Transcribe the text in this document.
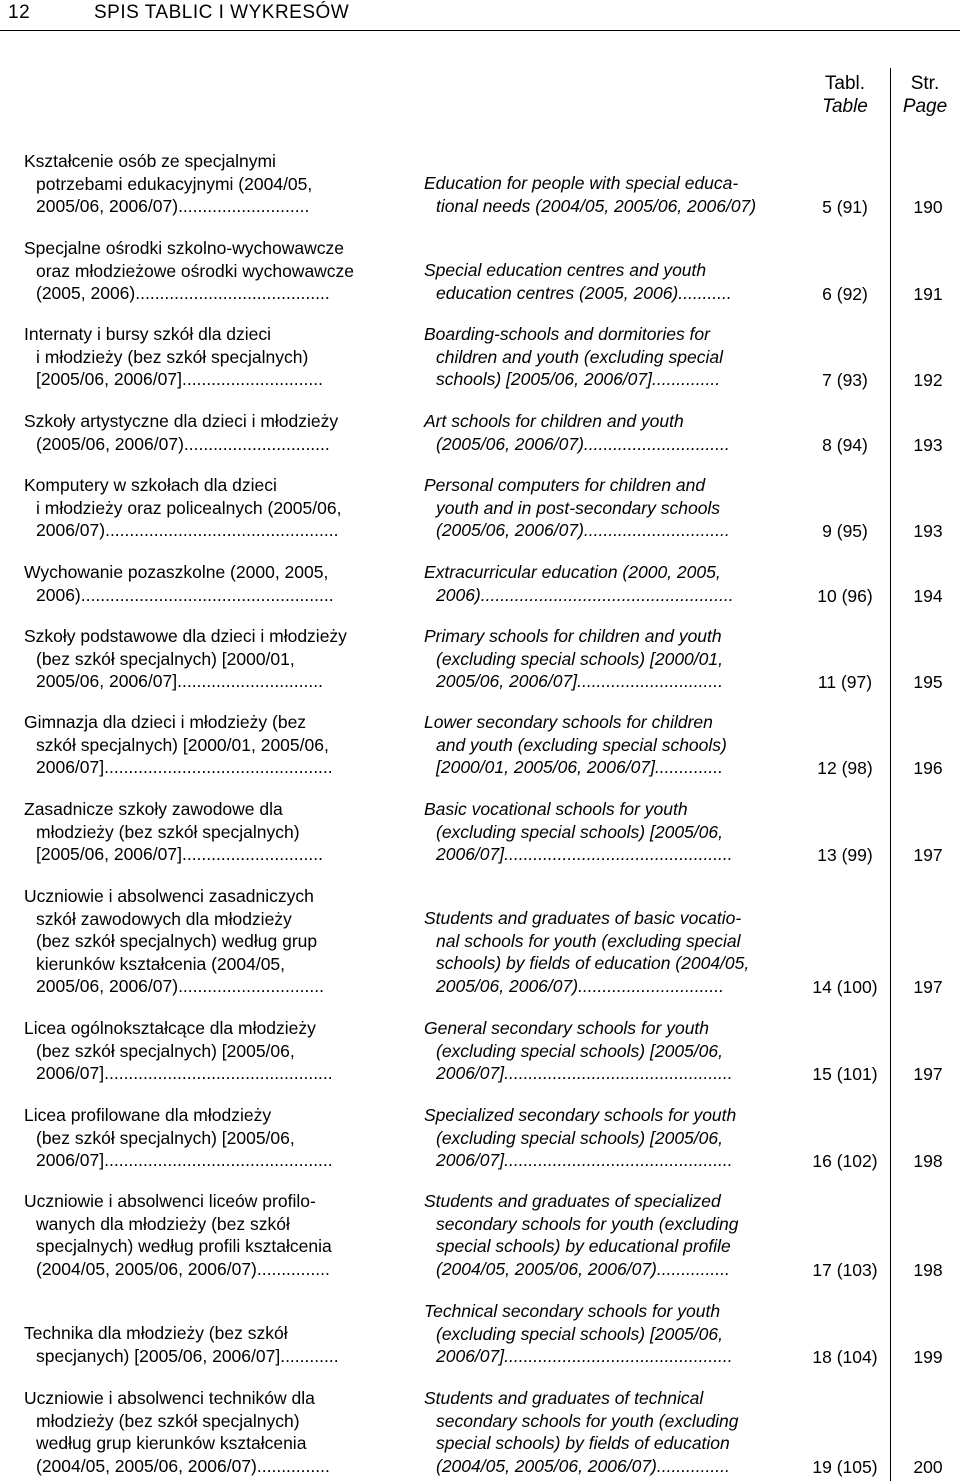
12	SPIS TABLIC I WYKRESÓW
Tabl.
Table
Str.
Page
Kształcenie osób ze specjalnymi
potrzebami edukacyjnymi (2004/05,
2005/06, 2006/07)...........................
Education for people with special educa-
tional needs (2004/05, 2005/06, 2006/07)	5 (91)	190
Specjalne ośrodki szkolno-wychowawcze
oraz młodzieżowe ośrodki wychowawcze
(2005, 2006)........................................
Special education centres and youth
education centres (2005, 2006)...........	6 (92)	191
Internaty i bursy szkół dla dzieci
i młodzieży (bez szkół specjalnych)
[2005/06, 2006/07].............................
Boarding-schools and dormitories for
children and youth (excluding special
schools) [2005/06, 2006/07]..............	7 (93)	192
Szkoły artystyczne dla dzieci i młodzieży
(2005/06, 2006/07)..............................
Art schools for children and youth
(2005/06, 2006/07)..............................	8 (94)	193
Komputery w szkołach dla dzieci
i młodzieży oraz policealnych (2005/06,
2006/07)................................................
Personal computers for children and
youth and in post-secondary schools
(2005/06, 2006/07)..............................	9 (95)	193
Wychowanie pozaszkolne (2000, 2005,
2006)....................................................
Extracurricular education (2000, 2005,
2006)....................................................	10 (96)	194
Szkoły podstawowe dla dzieci i młodzieży
(bez szkół specjalnych) [2000/01,
2005/06, 2006/07]..............................
Primary schools for children and youth
(excluding special schools) [2000/01,
2005/06, 2006/07]..............................	11 (97)	195
Gimnazja dla dzieci i młodzieży (bez
szkół specjalnych) [2000/01, 2005/06,
2006/07]...............................................
Lower secondary schools for children
and youth (excluding special schools)
[2000/01, 2005/06, 2006/07]..............	12 (98)	196
Zasadnicze szkoły zawodowe dla
młodzieży (bez szkół specjalnych)
[2005/06, 2006/07].............................
Basic vocational schools for youth
(excluding special schools) [2005/06,
2006/07]...............................................	13 (99)	197
Uczniowie i absolwenci zasadniczych
szkół zawodowych dla młodzieży
(bez szkół specjalnych) według grup
kierunków kształcenia (2004/05,
2005/06, 2006/07)..............................
Students and graduates of basic vocatio-
nal schools for youth (excluding special
schools) by fields of education (2004/05,
2005/06, 2006/07)..............................	14 (100)	197
Licea ogólnokształcące dla młodzieży
(bez szkół specjalnych) [2005/06,
2006/07]...............................................
General secondary schools for youth
(excluding special schools) [2005/06,
2006/07]...............................................	15 (101)	197
Licea profilowane dla młodzieży
(bez szkół specjalnych) [2005/06,
2006/07]...............................................
Specialized secondary schools for youth
(excluding special schools) [2005/06,
2006/07]...............................................	16 (102)	198
Uczniowie i absolwenci liceów profilo-
wanych dla młodzieży (bez szkół
specjalnych) według profili kształcenia
(2004/05, 2005/06, 2006/07)...............
Students and graduates of specialized
secondary schools for youth (excluding
special schools) by educational profile
(2004/05, 2005/06, 2006/07)...............	17 (103)	198
Technika dla młodzieży (bez szkół
specjanych) [2005/06, 2006/07]............
Technical secondary schools for youth
(excluding special schools) [2005/06,
2006/07]...............................................	18 (104)	199
Uczniowie i absolwenci techników dla
młodzieży (bez szkół specjalnych)
według grup kierunków kształcenia
(2004/05, 2005/06, 2006/07)...............
Students and graduates of technical
secondary schools for youth (excluding
special schools) by fields of education
(2004/05, 2005/06, 2006/07)...............	19 (105)	200
